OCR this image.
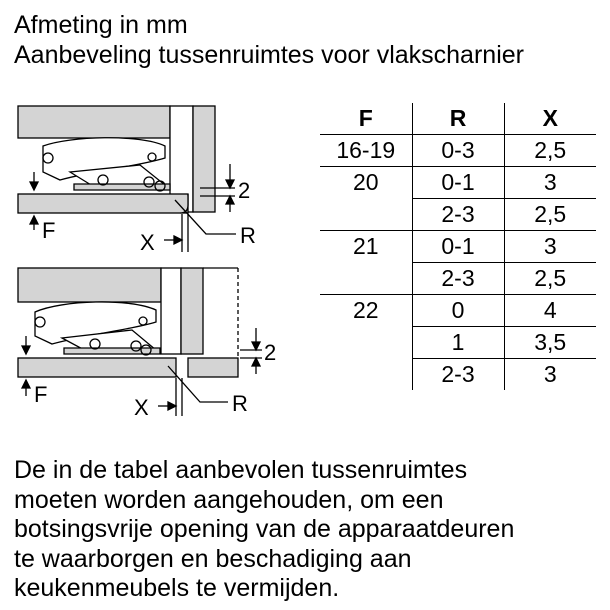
Afmeting in mm
Aanbeveling tussenruimtes voor vlakscharnier
F
2
X	R
F
2
X	R
F	R	X
16-19	0-3	2,5
20	0-1	3
	2-3	2,5
21	0-1	3
	2-3	2,5
22	0	4
	1	3,5
	2-3	3

De in de tabel aanbevolen tussenruimtes
moeten worden aangehouden, om een
botsingsvrije opening van de apparaatdeuren
te waarborgen en beschadiging aan
keukenmeubels te vermijden.
